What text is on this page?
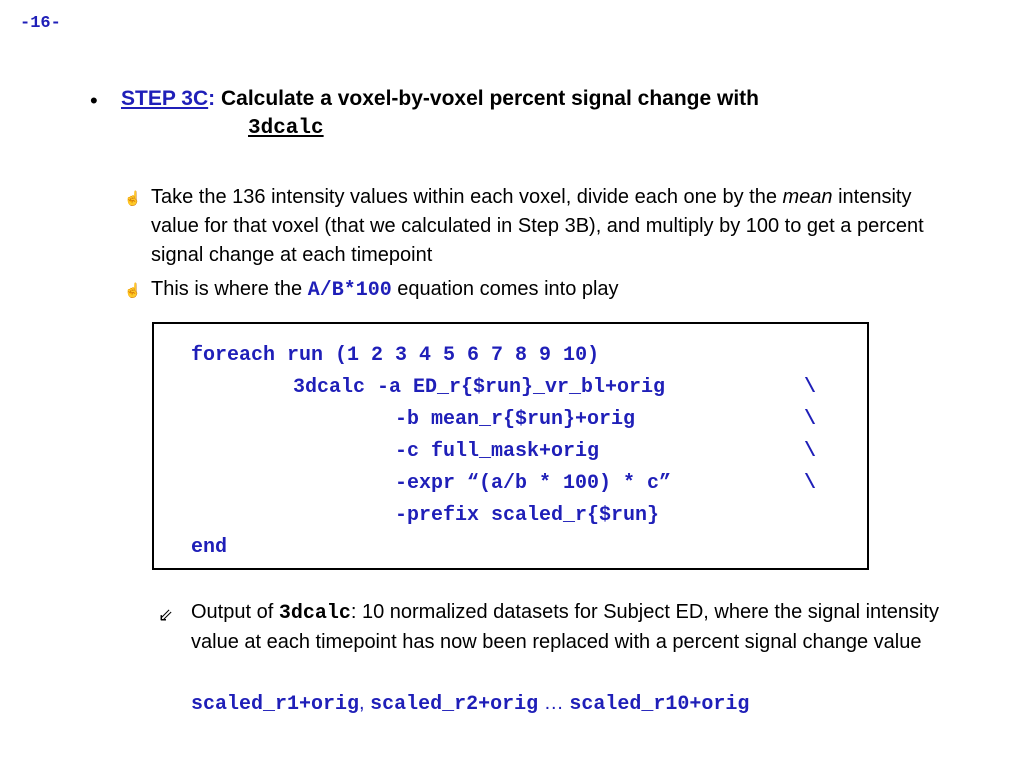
-16-
• STEP 3C: Calculate a voxel-by-voxel percent signal change with
3dcalc
☝ Take the 136 intensity values within each voxel, divide each one by the mean intensity value for that voxel (that we calculated in Step 3B), and multiply by 100 to get a percent signal change at each timepoint
☝ This is where the A/B*100 equation comes into play
foreach run (1 2 3 4 5 6 7 8 9 10)
3dcalc -a ED_r{$run}_vr_bl+orig
-b mean_r{$run}+orig
-c full_mask+orig
-expr “(a/b * 100) * c”
-prefix scaled_r{$run}
end
\
\
\
\
⇙ Output of 3dcalc: 10 normalized datasets for Subject ED, where the signal intensity value at each timepoint has now been replaced with a percent signal change value
scaled_r1+orig, scaled_r2+orig … scaled_r10+orig
